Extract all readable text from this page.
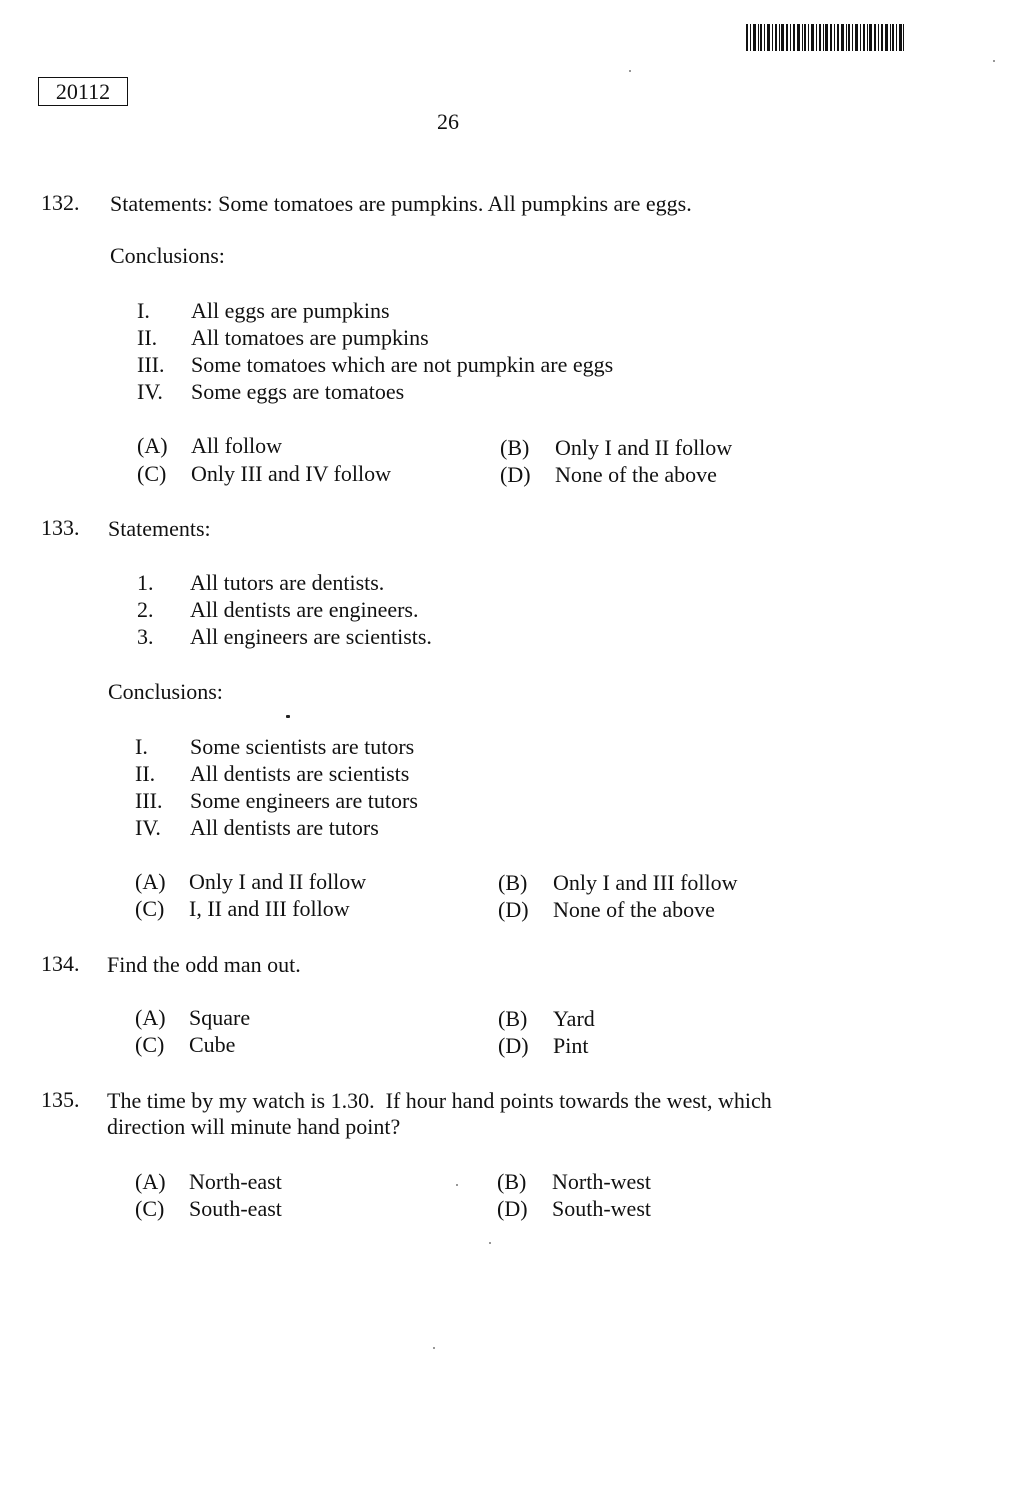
20112
26
132. Statements: Some tomatoes are pumpkins. All pumpkins are eggs.
Conclusions:
I. All eggs are pumpkins
II. All tomatoes are pumpkins
III. Some tomatoes which are not pumpkin are eggs
IV. Some eggs are tomatoes
(A) All follow	(B) Only I and II follow
(C) Only III and IV follow	(D) None of the above
133. Statements:
1. All tutors are dentists.
2. All dentists are engineers.
3. All engineers are scientists.
Conclusions:
I. Some scientists are tutors
II. All dentists are scientists
III. Some engineers are tutors
IV. All dentists are tutors
(A) Only I and II follow	(B) Only I and III follow
(C) I, II and III follow	(D) None of the above
134. Find the odd man out.
(A) Square	(B) Yard
(C) Cube	(D) Pint
135. The time by my watch is 1.30.  If hour hand points towards the west, which
direction will minute hand point?
(A) North-east	(B) North-west
(C) South-east	(D) South-west
